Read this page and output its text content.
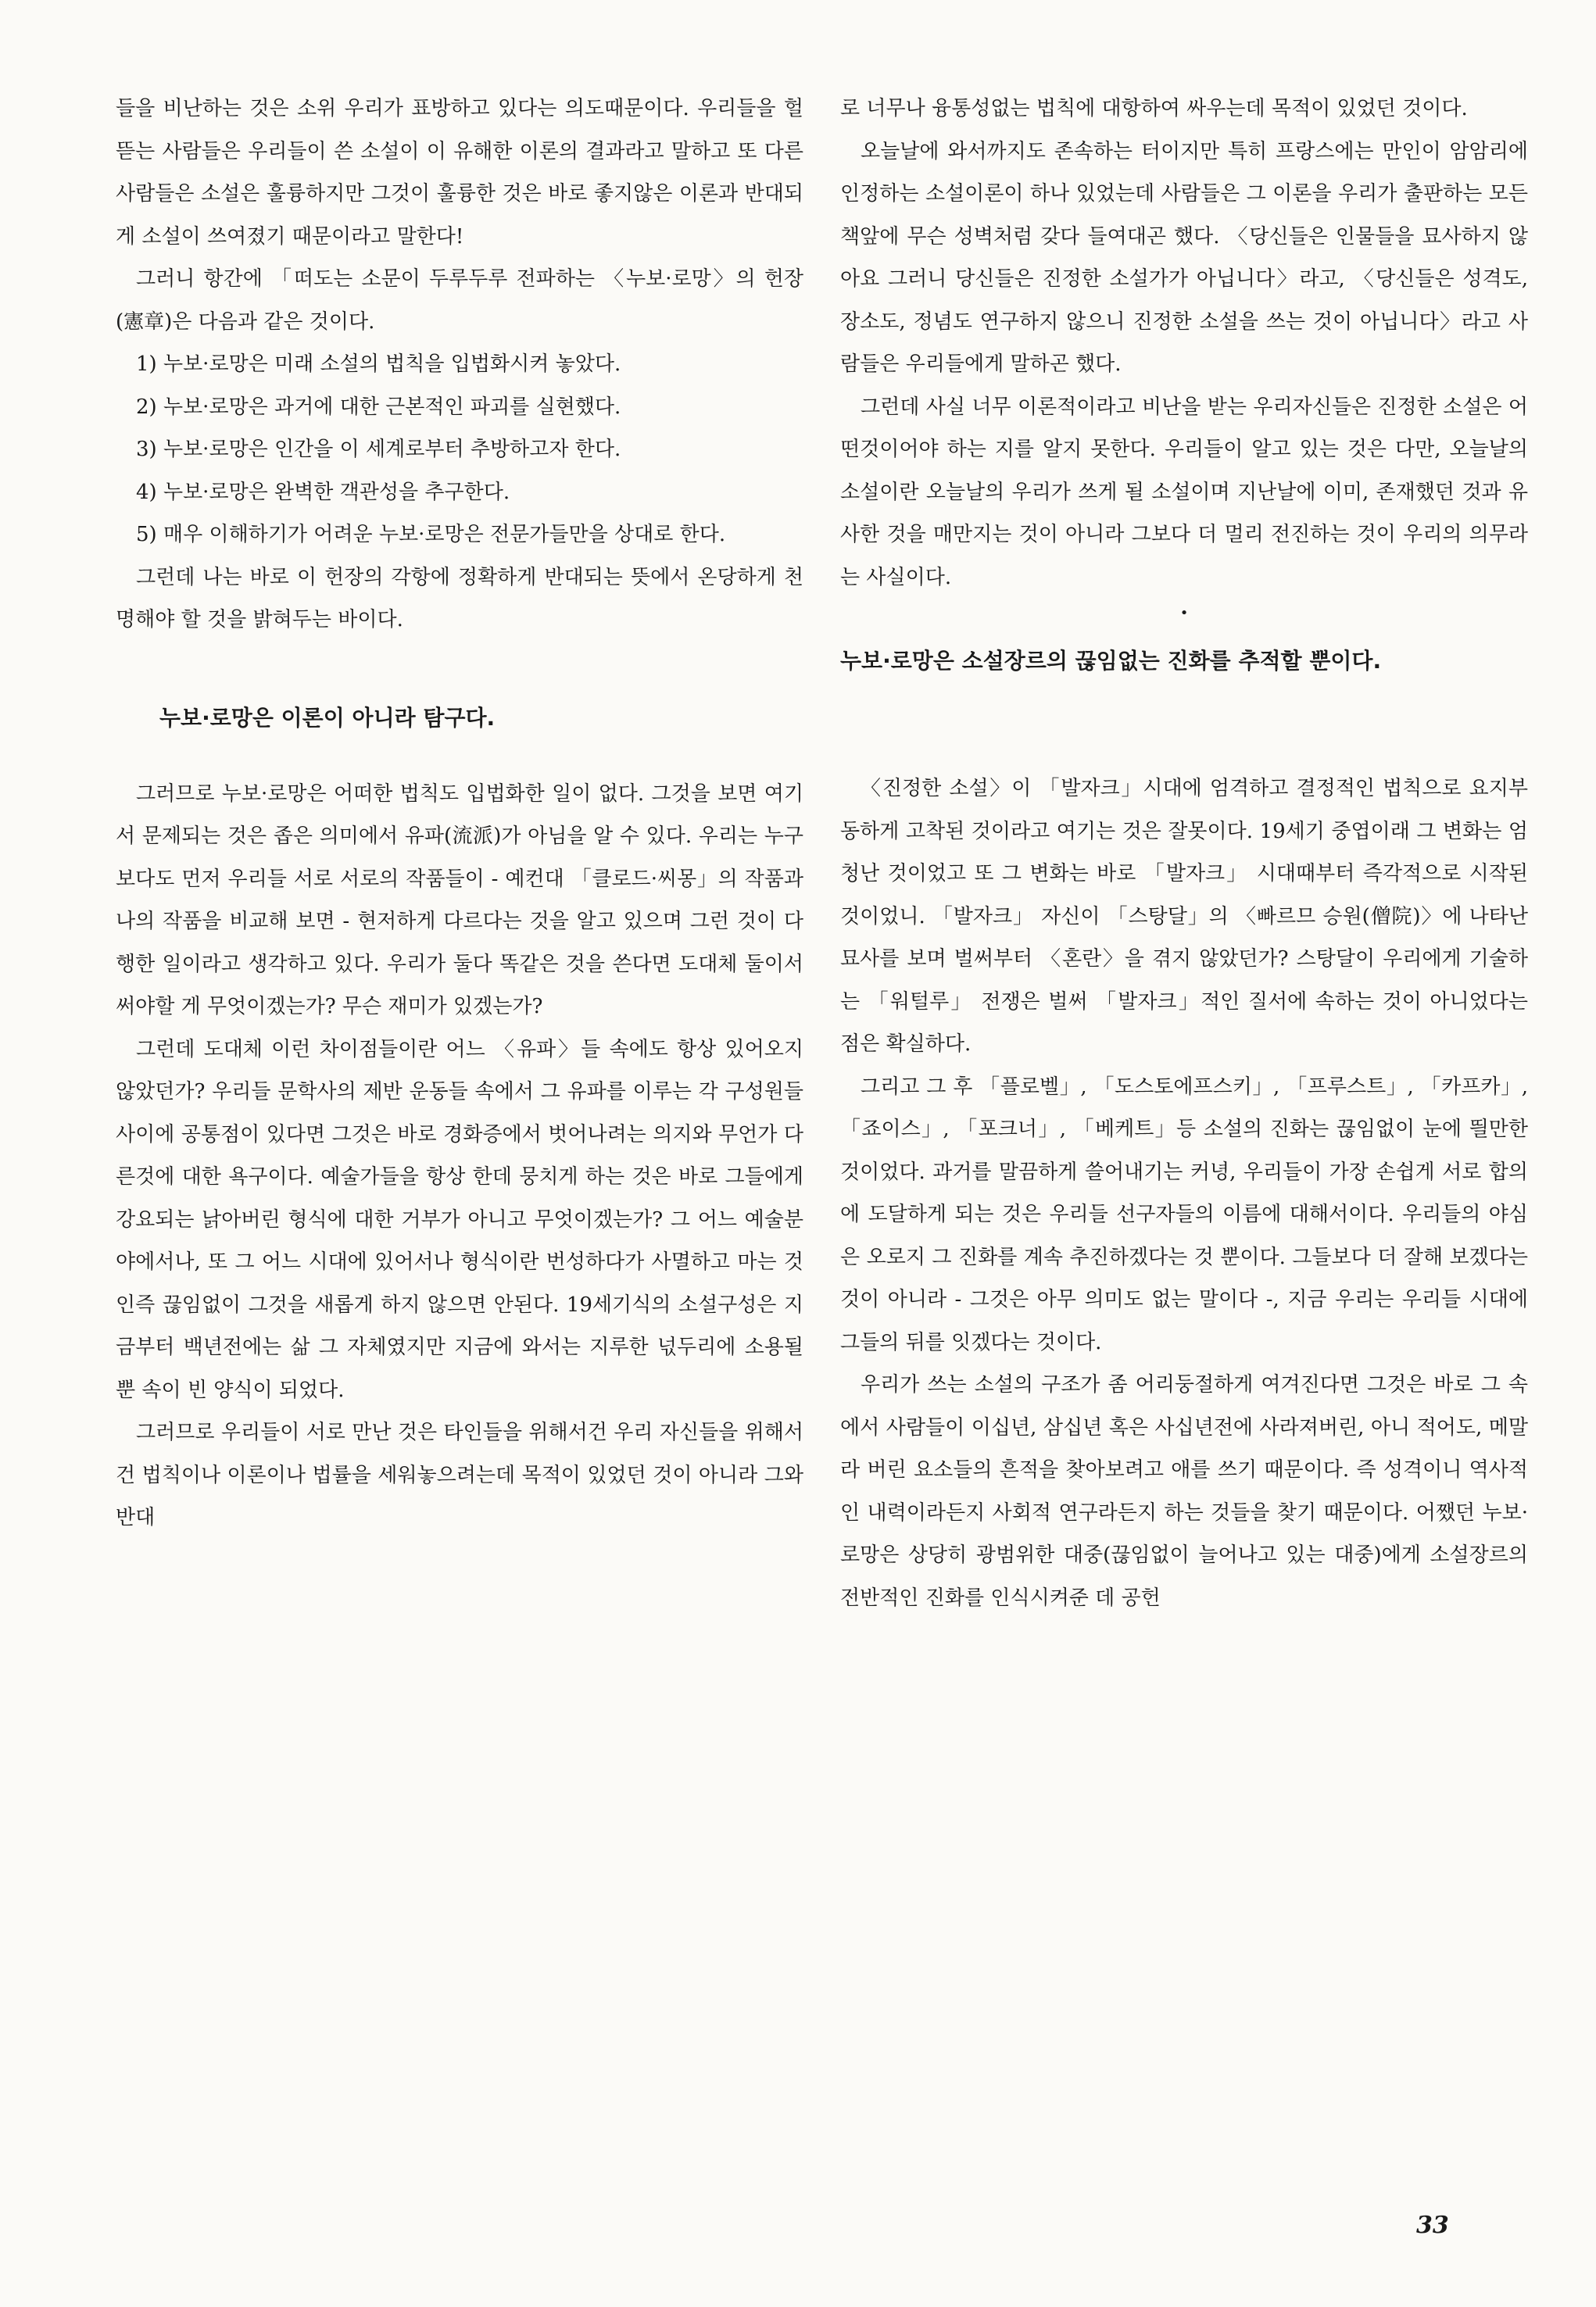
들을 비난하는 것은 소위 우리가 표방하고 있다는 의도때문이다. 우리들을 헐뜯는 사람들은 우리들이 쓴 소설이 이 유해한 이론의 결과라고 말하고 또 다른 사람들은 소설은 훌륭하지만 그것이 훌륭한 것은 바로 좋지않은 이론과 반대되게 소설이 쓰여졌기 때문이라고 말한다!

그러니 항간에 「떠도는 소문이 두루두루 전파하는 〈누보·로망〉의 헌장(憲章)은 다음과 같은 것이다.

1) 누보·로망은 미래 소설의 법칙을 입법화시켜 놓았다.

2) 누보·로망은 과거에 대한 근본적인 파괴를 실현했다.

3) 누보·로망은 인간을 이 세계로부터 추방하고자 한다.

4) 누보·로망은 완벽한 객관성을 추구한다.

5) 매우 이해하기가 어려운 누보·로망은 전문가들만을 상대로 한다.

그런데 나는 바로 이 헌장의 각항에 정확하게 반대되는 뜻에서 온당하게 천명해야 할 것을 밝혀두는 바이다.

누보·로망은 이론이 아니라 탐구다.

그러므로 누보·로망은 어떠한 법칙도 입법화한 일이 없다. 그것을 보면 여기서 문제되는 것은 좁은 의미에서 유파(流派)가 아님을 알 수 있다. 우리는 누구보다도 먼저 우리들 서로 서로의 작품들이 - 예컨대 「클로드·씨몽」의 작품과 나의 작품을 비교해 보면 - 현저하게 다르다는 것을 알고 있으며 그런 것이 다행한 일이라고 생각하고 있다. 우리가 둘다 똑같은 것을 쓴다면 도대체 둘이서 써야할 게 무엇이겠는가? 무슨 재미가 있겠는가?

그런데 도대체 이런 차이점들이란 어느 〈유파〉들 속에도 항상 있어오지 않았던가? 우리들 문학사의 제반 운동들 속에서 그 유파를 이루는 각 구성원들 사이에 공통점이 있다면 그것은 바로 경화증에서 벗어나려는 의지와 무언가 다른것에 대한 욕구이다. 예술가들을 항상 한데 뭉치게 하는 것은 바로 그들에게 강요되는 낡아버린 형식에 대한 거부가 아니고 무엇이겠는가? 그 어느 예술분야에서나, 또 그 어느 시대에 있어서나 형식이란 번성하다가 사멸하고 마는 것인즉 끊임없이 그것을 새롭게 하지 않으면 안된다. 19세기식의 소설구성은 지금부터 백년전에는 삶 그 자체였지만 지금에 와서는 지루한 넋두리에 소용될 뿐 속이 빈 양식이 되었다.

그러므로 우리들이 서로 만난 것은 타인들을 위해서건 우리 자신들을 위해서건 법칙이나 이론이나 법률을 세워놓으려는데 목적이 있었던 것이 아니라 그와 반대

로 너무나 융통성없는 법칙에 대항하여 싸우는데 목적이 있었던 것이다.

오늘날에 와서까지도 존속하는 터이지만 특히 프랑스에는 만인이 암암리에 인정하는 소설이론이 하나 있었는데 사람들은 그 이론을 우리가 출판하는 모든 책앞에 무슨 성벽처럼 갖다 들여대곤 했다. 〈당신들은 인물들을 묘사하지 않아요 그러니 당신들은 진정한 소설가가 아닙니다〉라고, 〈당신들은 성격도, 장소도, 정념도 연구하지 않으니 진정한 소설을 쓰는 것이 아닙니다〉라고 사람들은 우리들에게 말하곤 했다.

그런데 사실 너무 이론적이라고 비난을 받는 우리자신들은 진정한 소설은 어떤것이어야 하는 지를 알지 못한다. 우리들이 알고 있는 것은 다만, 오늘날의 소설이란 오늘날의 우리가 쓰게 될 소설이며 지난날에 이미, 존재했던 것과 유사한 것을 매만지는 것이 아니라 그보다 더 멀리 전진하는 것이 우리의 의무라는 사실이다.

•
누보·로망은 소설장르의 끊임없는 진화를 추적할 뿐이다.

〈진정한 소설〉이 「발자크」시대에 엄격하고 결정적인 법칙으로 요지부동하게 고착된 것이라고 여기는 것은 잘못이다. 19세기 중엽이래 그 변화는 엄청난 것이었고 또 그 변화는 바로 「발자크」 시대때부터 즉각적으로 시작된 것이었니. 「발자크」 자신이 「스탕달」의 〈빠르므 승원(僧院)〉에 나타난 묘사를 보며 벌써부터 〈혼란〉을 겪지 않았던가? 스탕달이 우리에게 기술하는 「워털루」 전쟁은 벌써 「발자크」적인 질서에 속하는 것이 아니었다는 점은 확실하다.

그리고 그 후 「플로벨」, 「도스토에프스키」, 「프루스트」, 「카프카」, 「죠이스」, 「포크너」, 「베케트」등 소설의 진화는 끊임없이 눈에 띌만한 것이었다. 과거를 말끔하게 쓸어내기는 커녕, 우리들이 가장 손쉽게 서로 합의에 도달하게 되는 것은 우리들 선구자들의 이름에 대해서이다. 우리들의 야심은 오로지 그 진화를 계속 추진하겠다는 것 뿐이다. 그들보다 더 잘해 보겠다는 것이 아니라 - 그것은 아무 의미도 없는 말이다 -, 지금 우리는 우리들 시대에 그들의 뒤를 잇겠다는 것이다.

우리가 쓰는 소설의 구조가 좀 어리둥절하게 여겨진다면 그것은 바로 그 속에서 사람들이 이십년, 삼십년 혹은 사십년전에 사라져버린, 아니 적어도, 메말라 버린 요소들의 흔적을 찾아보려고 애를 쓰기 때문이다. 즉 성격이니 역사적인 내력이라든지 사회적 연구라든지 하는 것들을 찾기 때문이다. 어쨌던 누보·로망은 상당히 광범위한 대중(끊임없이 늘어나고 있는 대중)에게 소설장르의 전반적인 진화를 인식시켜준 데 공헌

33
